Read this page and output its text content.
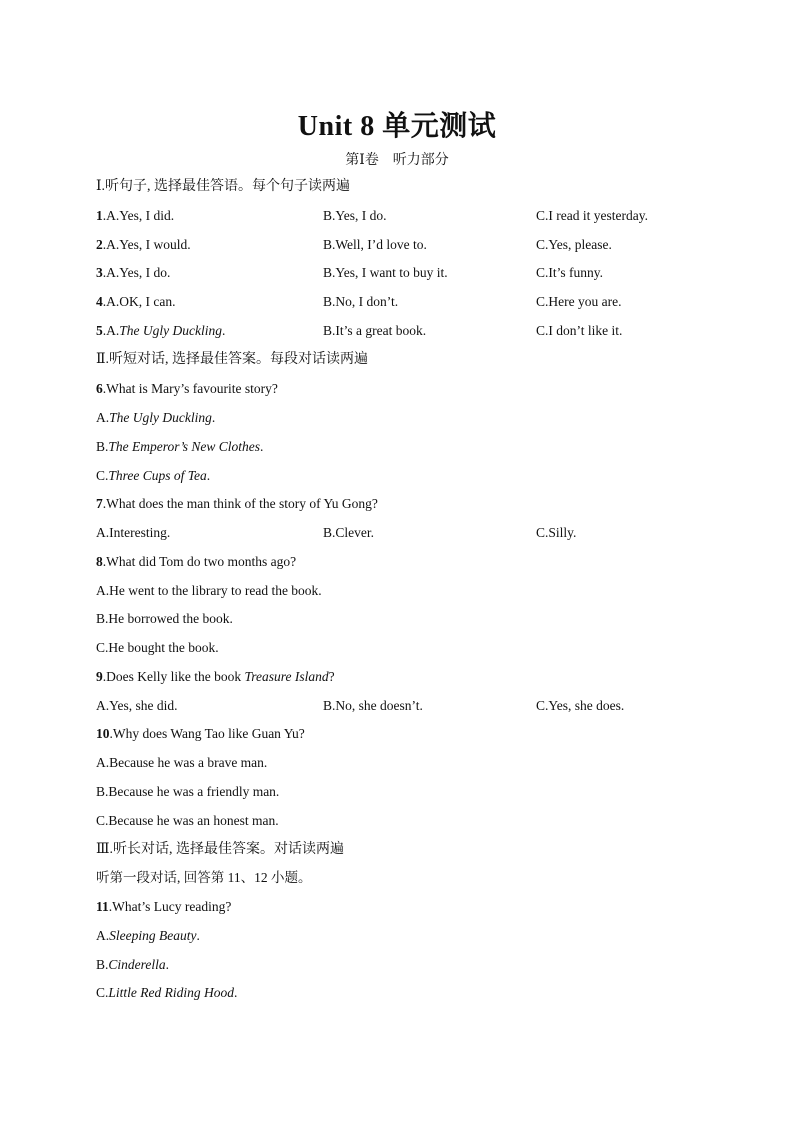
Unit 8 单元测试
第Ⅰ卷　听力部分
Ⅰ.听句子, 选择最佳答语。每个句子读两遍
1.A.Yes, I did.	B.Yes, I do.	C.I read it yesterday.
2.A.Yes, I would.	B.Well, I’d love to.	C.Yes, please.
3.A.Yes, I do.	B.Yes, I want to buy it.	C.It’s funny.
4.A.OK, I can.	B.No, I don’t.	C.Here you are.
5.A.The Ugly Duckling.	B.It’s a great book.	C.I don’t like it.
Ⅱ.听短对话, 选择最佳答案。每段对话读两遍
6.What is Mary’s favourite story?
A.The Ugly Duckling.
B.The Emperor’s New Clothes.
C.Three Cups of Tea.
7.What does the man think of the story of Yu Gong?
A.Interesting.	B.Clever.	C.Silly.
8.What did Tom do two months ago?
A.He went to the library to read the book.
B.He borrowed the book.
C.He bought the book.
9.Does Kelly like the book Treasure Island?
A.Yes, she did.	B.No, she doesn’t.	C.Yes, she does.
10.Why does Wang Tao like Guan Yu?
A.Because he was a brave man.
B.Because he was a friendly man.
C.Because he was an honest man.
Ⅲ.听长对话, 选择最佳答案。对话读两遍
听第一段对话, 回答第 11、12 小题。
11.What’s Lucy reading?
A.Sleeping Beauty.
B.Cinderella.
C.Little Red Riding Hood.
